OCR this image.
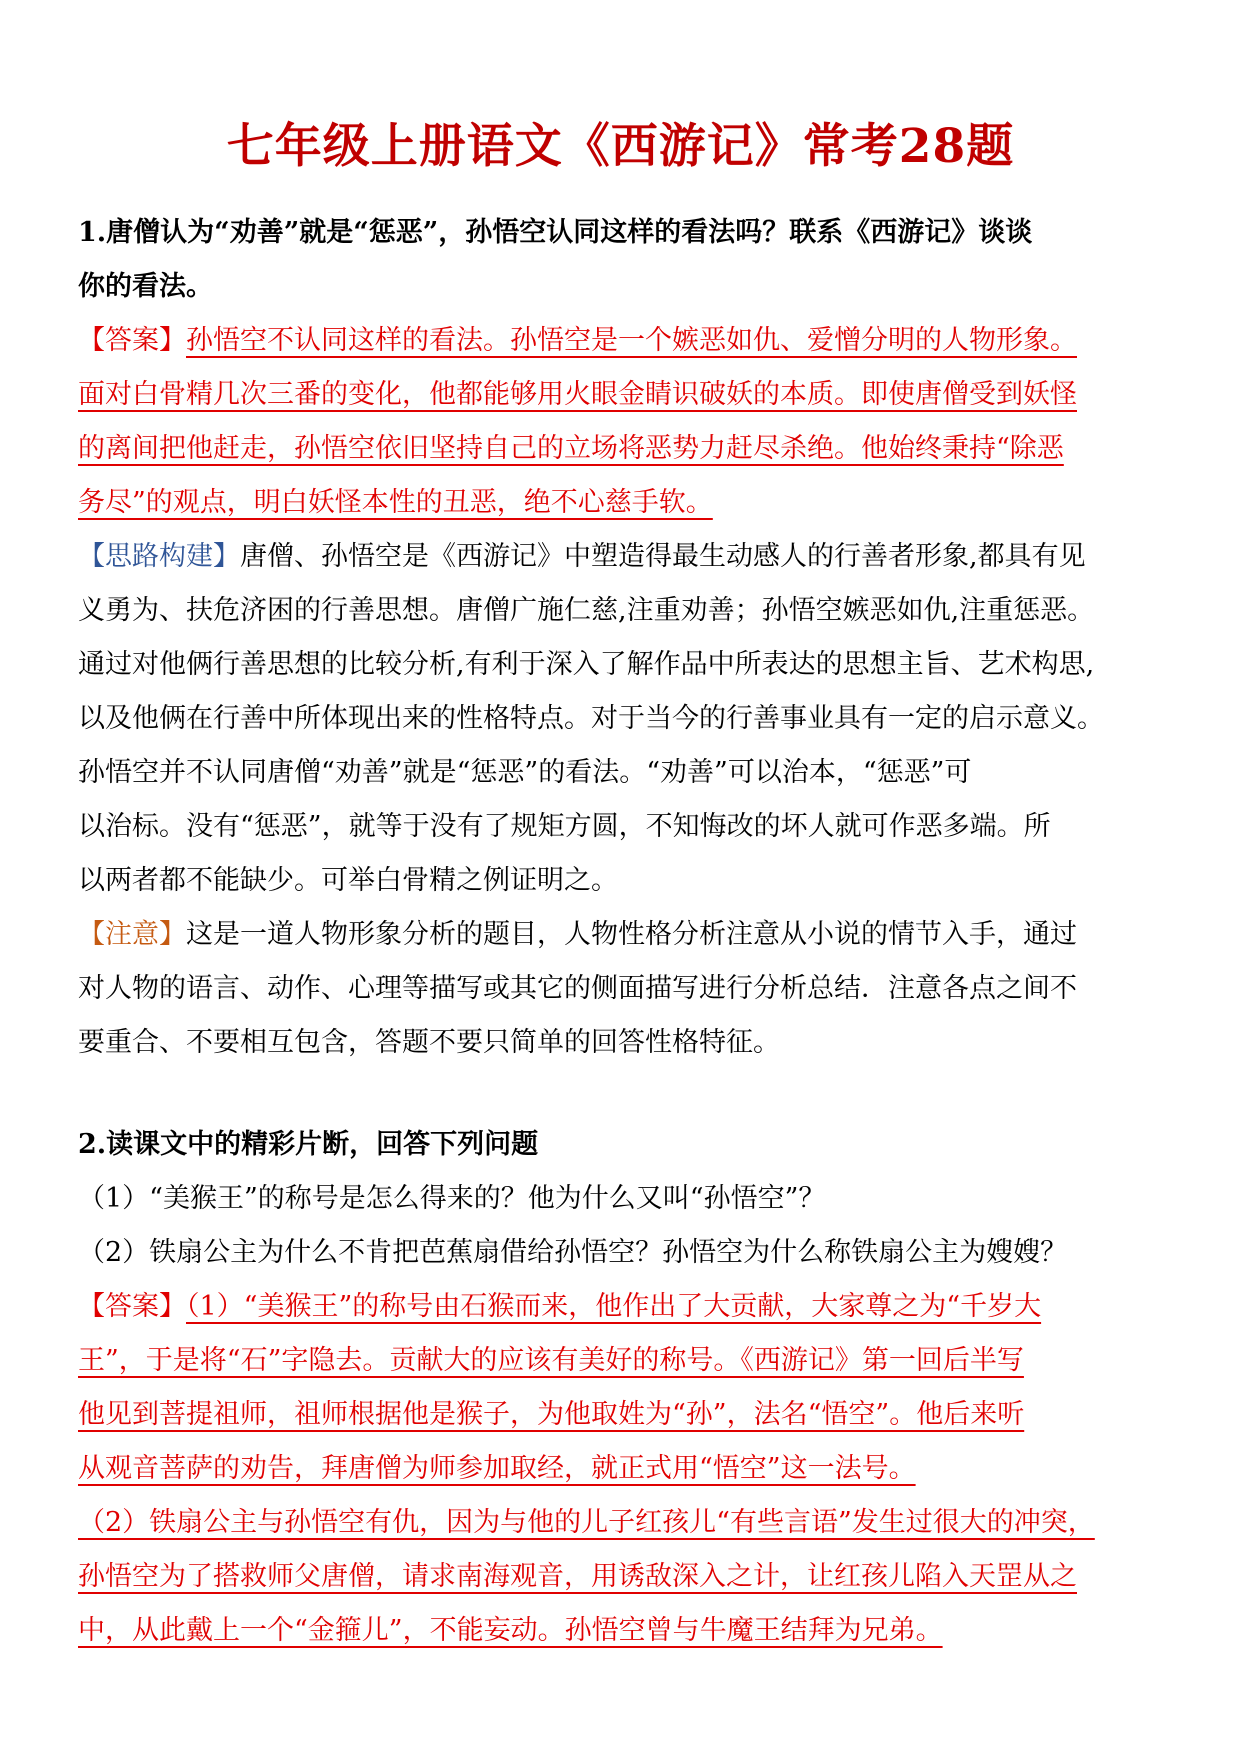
七年级上册语文《西游记》常考28题
1.唐僧认为“劝善”就是“惩恶”，孙悟空认同这样的看法吗？联系《西游记》谈谈
你的看法。
【答案】孙悟空不认同这样的看法。孙悟空是一个嫉恶如仇、爱憎分明的人物形象。
面对白骨精几次三番的变化，他都能够用火眼金睛识破妖的本质。即使唐僧受到妖怪
的离间把他赶走，孙悟空依旧坚持自己的立场将恶势力赶尽杀绝。他始终秉持“除恶
务尽”的观点，明白妖怪本性的丑恶，绝不心慈手软。
【思路构建】唐僧、孙悟空是《西游记》中塑造得最生动感人的行善者形象,都具有见
义勇为、扶危济困的行善思想。唐僧广施仁慈,注重劝善；孙悟空嫉恶如仇,注重惩恶。
通过对他俩行善思想的比较分析,有利于深入了解作品中所表达的思想主旨、艺术构思,
以及他俩在行善中所体现出来的性格特点。对于当今的行善事业具有一定的启示意义。
孙悟空并不认同唐僧“劝善”就是“惩恶”的看法。“劝善”可以治本，“惩恶”可
以治标。没有“惩恶”，就等于没有了规矩方圆，不知悔改的坏人就可作恶多端。所
以两者都不能缺少。可举白骨精之例证明之。
【注意】这是一道人物形象分析的题目，人物性格分析注意从小说的情节入手，通过
对人物的语言、动作、心理等描写或其它的侧面描写进行分析总结．注意各点之间不
要重合、不要相互包含，答题不要只简单的回答性格特征。
2.读课文中的精彩片断，回答下列问题
（1）“美猴王”的称号是怎么得来的？他为什么又叫“孙悟空”？
（2）铁扇公主为什么不肯把芭蕉扇借给孙悟空？孙悟空为什么称铁扇公主为嫂嫂？
【答案】（1）“美猴王”的称号由石猴而来，他作出了大贡献，大家尊之为“千岁大
王”，于是将“石”字隐去。贡献大的应该有美好的称号。《西游记》第一回后半写
他见到菩提祖师，祖师根据他是猴子，为他取姓为“孙”，法名“悟空”。他后来听
从观音菩萨的劝告，拜唐僧为师参加取经，就正式用“悟空”这一法号。
（2）铁扇公主与孙悟空有仇，因为与他的儿子红孩儿“有些言语”发生过很大的冲突，
孙悟空为了搭救师父唐僧，请求南海观音，用诱敌深入之计，让红孩儿陷入天罡从之
中，从此戴上一个“金箍儿”，不能妄动。孙悟空曾与牛魔王结拜为兄弟。
